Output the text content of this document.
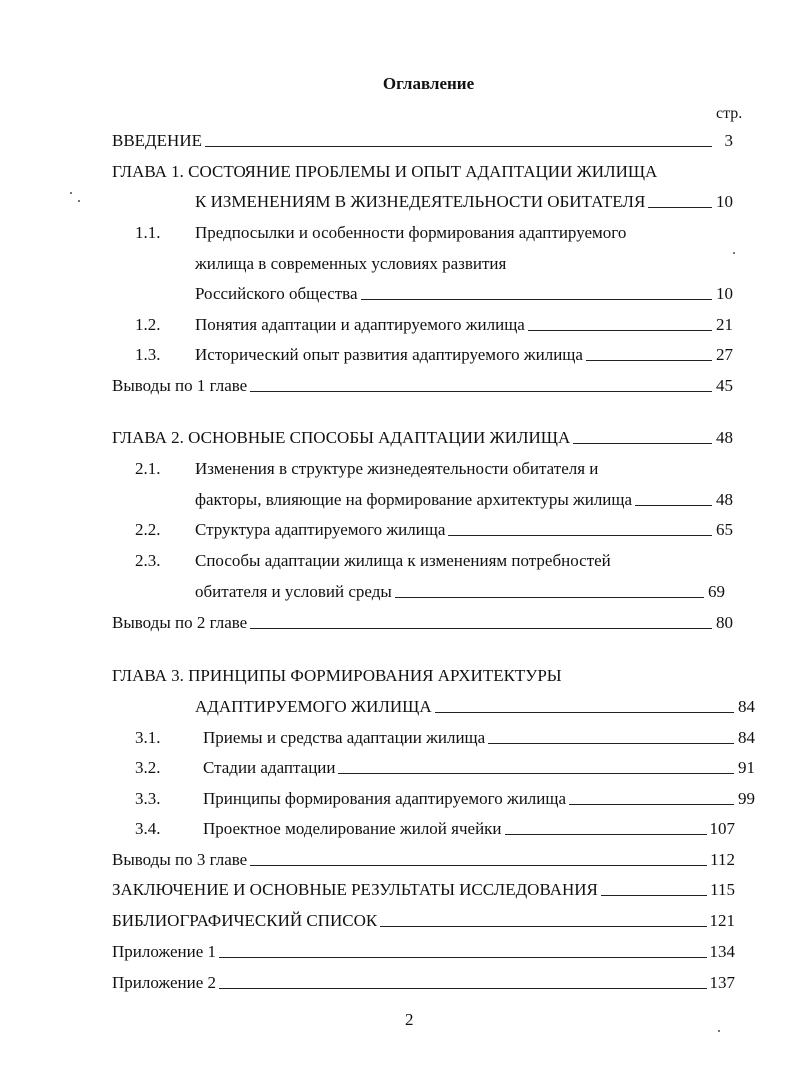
Оглавление
стр.
ВВЕДЕНИЕ	3
ГЛАВА 1. СОСТОЯНИЕ ПРОБЛЕМЫ И ОПЫТ АДАПТАЦИИ ЖИЛИЩА
К ИЗМЕНЕНИЯМ В ЖИЗНЕДЕЯТЕЛЬНОСТИ ОБИТАТЕЛЯ	10
1.1. Предпосылки и особенности формирования адаптируемого
жилища в современных условиях развития
Российского общества	10
1.2. Понятия адаптации и адаптируемого жилища	21
1.3. Исторический опыт развития адаптируемого жилища	27
Выводы по 1 главе	45
ГЛАВА 2. ОСНОВНЫЕ СПОСОБЫ АДАПТАЦИИ ЖИЛИЩА	48
2.1. Изменения в структуре жизнедеятельности обитателя и
факторы, влияющие на формирование архитектуры жилища	48
2.2. Структура адаптируемого жилища	65
2.3. Способы адаптации жилища к изменениям потребностей
обитателя и условий среды	69
Выводы по 2 главе	80
ГЛАВА 3. ПРИНЦИПЫ ФОРМИРОВАНИЯ АРХИТЕКТУРЫ
АДАПТИРУЕМОГО ЖИЛИЩА	84
3.1.	Приемы и средства адаптации жилища	84
3.2.	Стадии адаптации	91
3.3.	Принципы формирования адаптируемого жилища	99
3.4.	Проектное моделирование жилой ячейки	107
Выводы по 3 главе	112
ЗАКЛЮЧЕНИЕ И ОСНОВНЫЕ РЕЗУЛЬТАТЫ ИССЛЕДОВАНИЯ	115
БИБЛИОГРАФИЧЕСКИЙ СПИСОК	121
Приложение 1	134
Приложение 2	137
2
